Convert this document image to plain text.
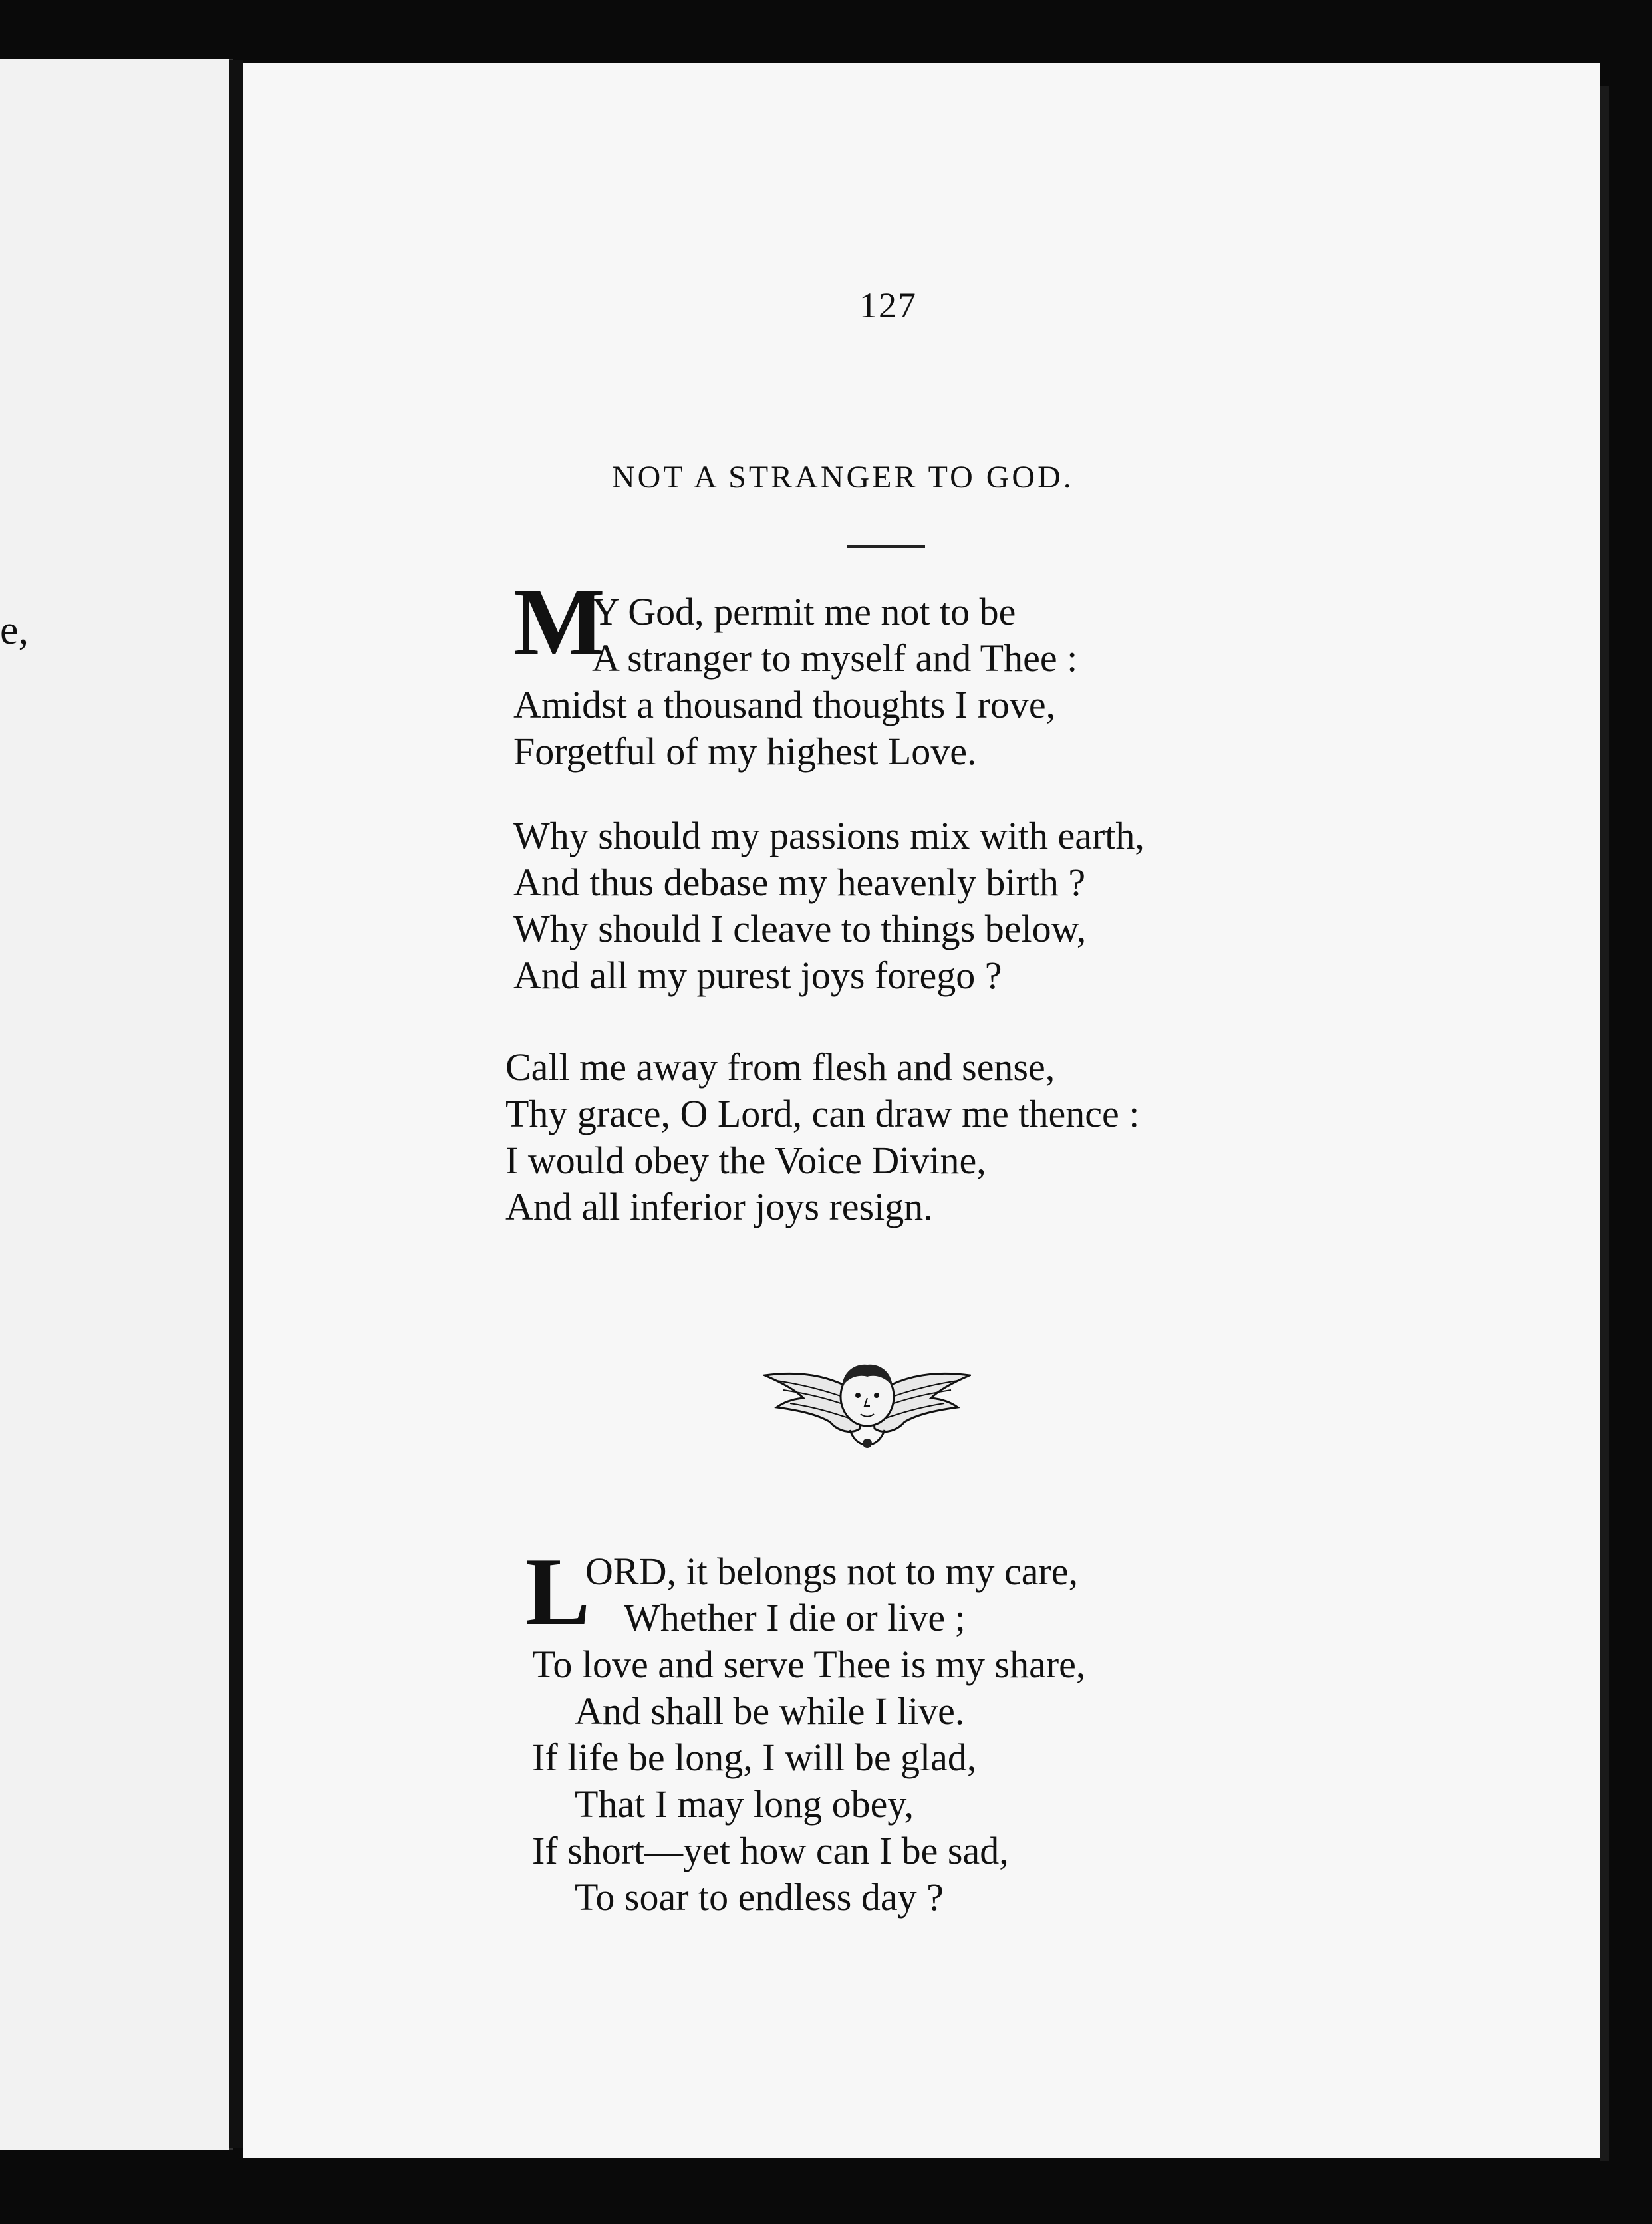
e,
127
NOT A STRANGER TO GOD.
M
Y God, permit me not to be
A stranger to myself and Thee :
Amidst a thousand thoughts I rove,
Forgetful of my highest Love.
Why should my passions mix with earth,
And thus debase my heavenly birth ?
Why should I cleave to things below,
And all my purest joys forego ?
Call me away from flesh and sense,
Thy grace, O Lord, can draw me thence :
I would obey the Voice Divine,
And all inferior joys resign.
L
ORD, it belongs not to my care,
Whether I die or live ;
To love and serve Thee is my share,
And shall be while I live.
If life be long, I will be glad,
That I may long obey,
If short—yet how can I be sad,
To soar to endless day ?
